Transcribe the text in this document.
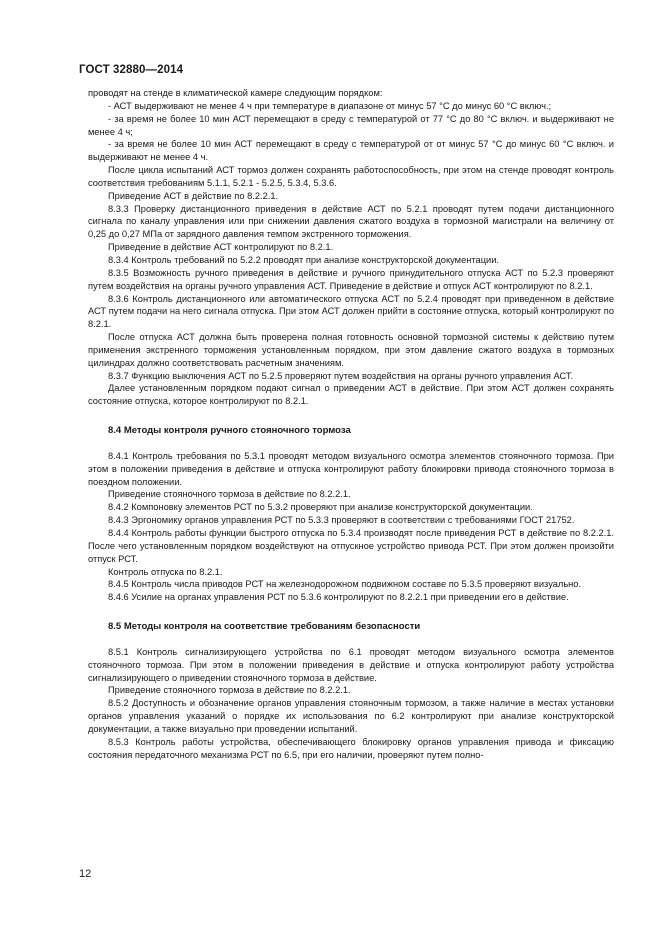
ГОСТ 32880—2014

проводят на стенде в климатической камере следующим порядком:

- АСТ выдерживают не менее 4 ч при температуре в диапазоне от минус 57 °С до минус 60 °С включ.;

- за время не более 10 мин АСТ перемещают в среду с температурой от 77 °С до 80 °С включ. и выдерживают не менее 4 ч;

- за время не более 10 мин АСТ перемещают в среду с температурой от от минус 57 °С до минус 60 °С включ. и выдерживают не менее 4 ч.

После цикла испытаний АСТ тормоз должен сохранять работоспособность, при этом на стенде проводят контроль соответствия требованиям 5.1.1, 5.2.1 - 5.2.5, 5.3.4, 5.3.6.

Приведение АСТ в действие по 8.2.2.1.

8.3.3 Проверку дистанционного приведения в действие АСТ по 5.2.1 проводят путем подачи дистанционного сигнала по каналу управления или при снижении давления сжатого воздуха в тормозной магистрали на величину от 0,25 до 0,27 МПа от зарядного давления темпом экстренного торможения.

Приведение в действие АСТ контролируют по 8.2.1.

8.3.4 Контроль требований по 5.2.2 проводят при анализе конструкторской документации.

8.3.5 Возможность ручного приведения в действие и ручного принудительного отпуска АСТ по 5.2.3 проверяют путем воздействия на органы ручного управления АСТ. Приведение в действие и отпуск АСТ контролируют по 8.2.1.

8.3.6 Контроль дистанционного или автоматического отпуска АСТ по 5.2.4 проводят при приведенном в действие АСТ путем подачи на него сигнала отпуска. При этом АСТ должен прийти в состояние отпуска, который контролируют по 8.2.1.

После отпуска АСТ должна быть проверена полная готовность основной тормозной системы к действию путем применения экстренного торможения установленным порядком, при этом давление сжатого воздуха в тормозных цилиндрах должно соответствовать расчетным значениям.

8.3.7 Функцию выключения АСТ по 5.2.5 проверяют путем воздействия на органы ручного управления АСТ.

Далее установленным порядком подают сигнал о приведении АСТ в действие. При этом АСТ должен сохранять состояние отпуска, которое контролируют по 8.2.1.

8.4 Методы контроля ручного стояночного тормоза

8.4.1 Контроль требования по 5.3.1 проводят методом визуального осмотра элементов стояночного тормоза. При этом в положении приведения в действие и отпуска контролируют работу блокировки привода стояночного тормоза в поездном положении.

Приведение стояночного тормоза в действие по 8.2.2.1.

8.4.2 Компоновку элементов РСТ по 5.3.2 проверяют при анализе конструкторской документации.

8.4.3 Эргономику органов управления РСТ по 5.3.3 проверяют в соответствии с требованиями ГОСТ 21752.

8.4.4 Контроль работы функции быстрого отпуска по 5.3.4 производят после приведения РСТ в действие по 8.2.2.1. После чего установленным порядком воздействуют на отпускное устройство привода РСТ. При этом должен произойти отпуск РСТ.

Контроль отпуска по 8.2.1.

8.4.5 Контроль числа приводов РСТ на железнодорожном подвижном составе по 5.3.5 проверяют визуально.

8.4.6 Усилие на органах управления РСТ по 5.3.6 контролируют по 8.2.2.1 при приведении его в действие.

8.5 Методы контроля на соответствие требованиям безопасности

8.5.1 Контроль сигнализирующего устройства по 6.1 проводят методом визуального осмотра элементов стояночного тормоза. При этом в положении приведения в действие и отпуска контролируют работу устройства сигнализирующего о приведении стояночного тормоза в действие.

Приведение стояночного тормоза в действие по 8.2.2.1.

8.5.2 Доступность и обозначение органов управления стояночным тормозом, а также наличие в местах установки органов управления указаний о порядке их использования по 6.2 контролируют при анализе конструкторской документации, а также визуально при проведении испытаний.

8.5.3 Контроль работы устройства, обеспечивающего блокировку органов управления привода и фиксацию состояния передаточного механизма РСТ по 6.5, при его наличии, проверяют путем полно-

12
